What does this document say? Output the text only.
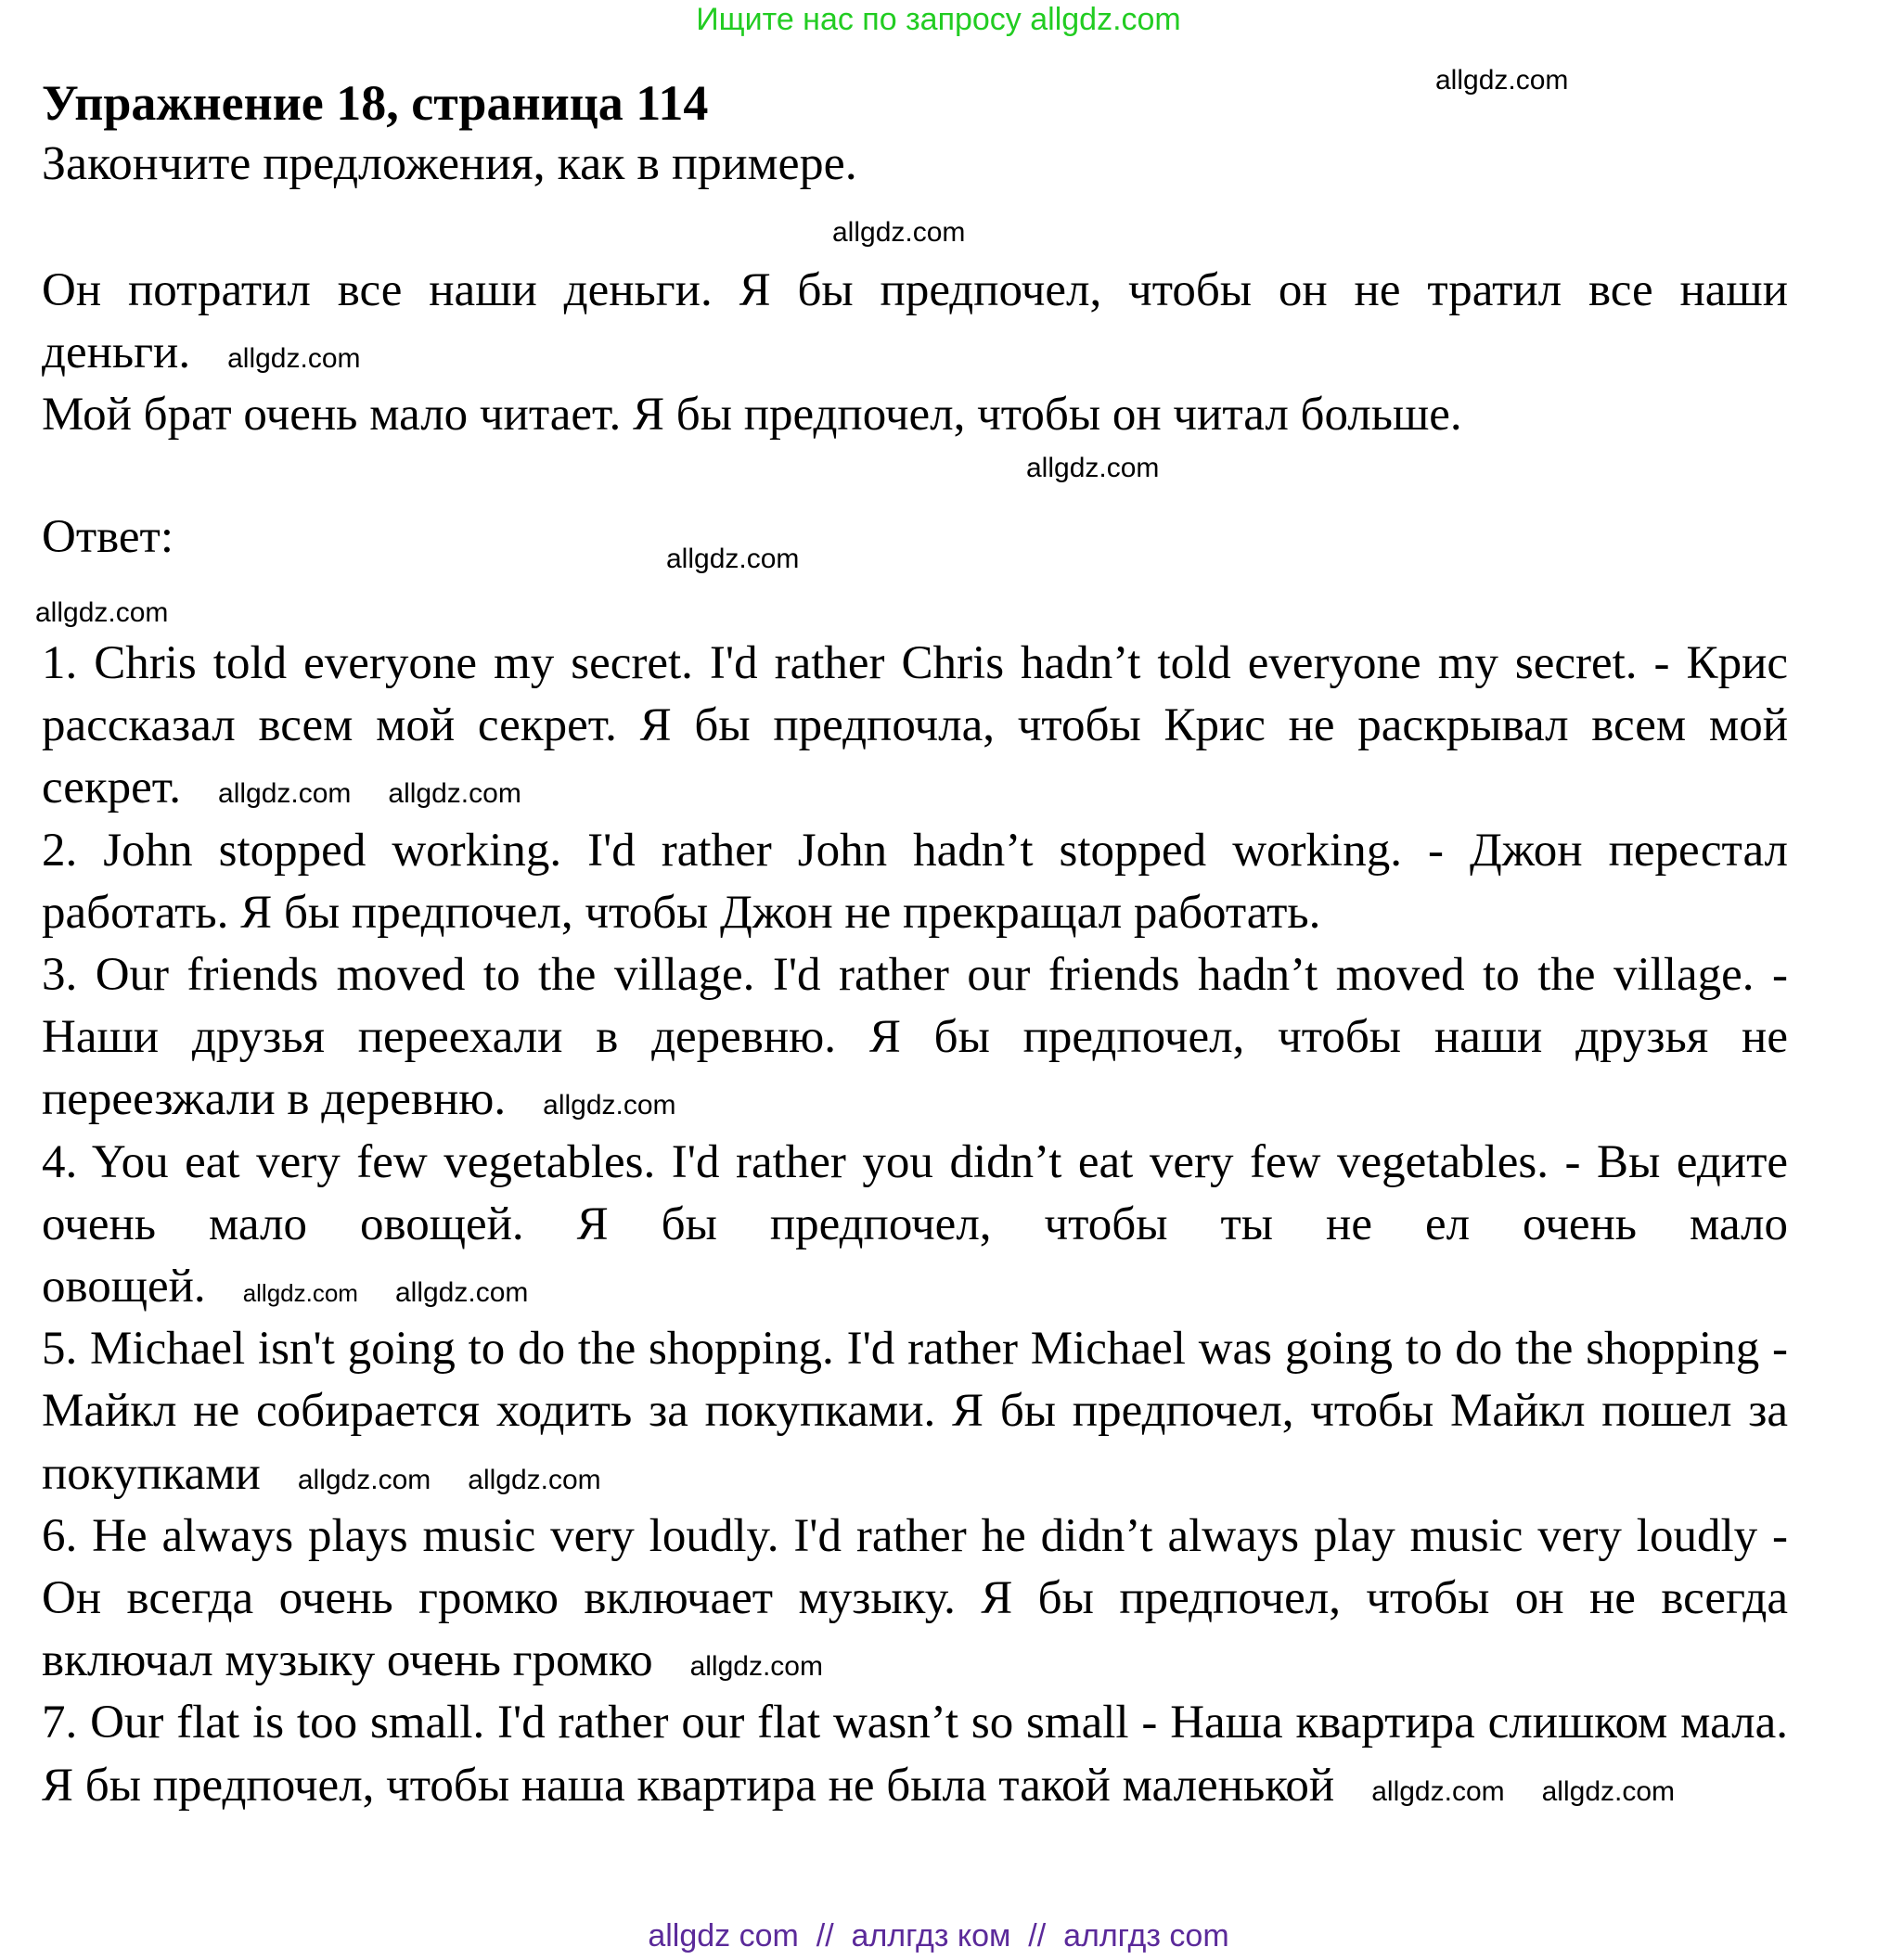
Ищите нас по запросу allgdz.com
Упражнение 18, страница 114
Закончите предложения, как в примере.

Он потратил все наши деньги. Я бы предпочел, чтобы он не тратил все наши деньги. allgdz.com

Мой брат очень мало читает. Я бы предпочел, чтобы он читал больше.

Ответ:

1. Chris told everyone my secret. I'd rather Chris hadn’t told everyone my secret. - Крис рассказал всем мой секрет. Я бы предпочла, чтобы Крис не раскрывал всем мой секрет. allgdz.com allgdz.com

2. John stopped working. I'd rather John hadn’t stopped working. - Джон перестал работать. Я бы предпочел, чтобы Джон не прекращал работать.

3. Our friends moved to the village. I'd rather our friends hadn’t moved to the village. - Наши друзья переехали в деревню. Я бы предпочел, чтобы наши друзья не переезжали в деревню. allgdz.com

4. You eat very few vegetables. I'd rather you didn’t eat very few vegetables. - Вы едите очень мало овощей. Я бы предпочел, чтобы ты не ел очень мало овощей. allgdz.com allgdz.com

5. Michael isn't going to do the shopping. I'd rather Michael was going to do the shopping - Майкл не собирается ходить за покупками. Я бы предпочел, чтобы Майкл пошел за покупками allgdz.com allgdz.com

6. He always plays music very loudly. I'd rather he didn’t always play music very loudly - Он всегда очень громко включает музыку. Я бы предпочел, чтобы он не всегда включал музыку очень громко allgdz.com

7. Our flat is too small. I'd rather our flat wasn’t so small - Наша квартира слишком мала. Я бы предпочел, чтобы наша квартира не была такой маленькой allgdz.com allgdz.com

allgdz.com
allgdz.com
allgdz.com
allgdz.com
allgdz.com
allgdz com  //  аллгдз ком  //  аллгдз com
